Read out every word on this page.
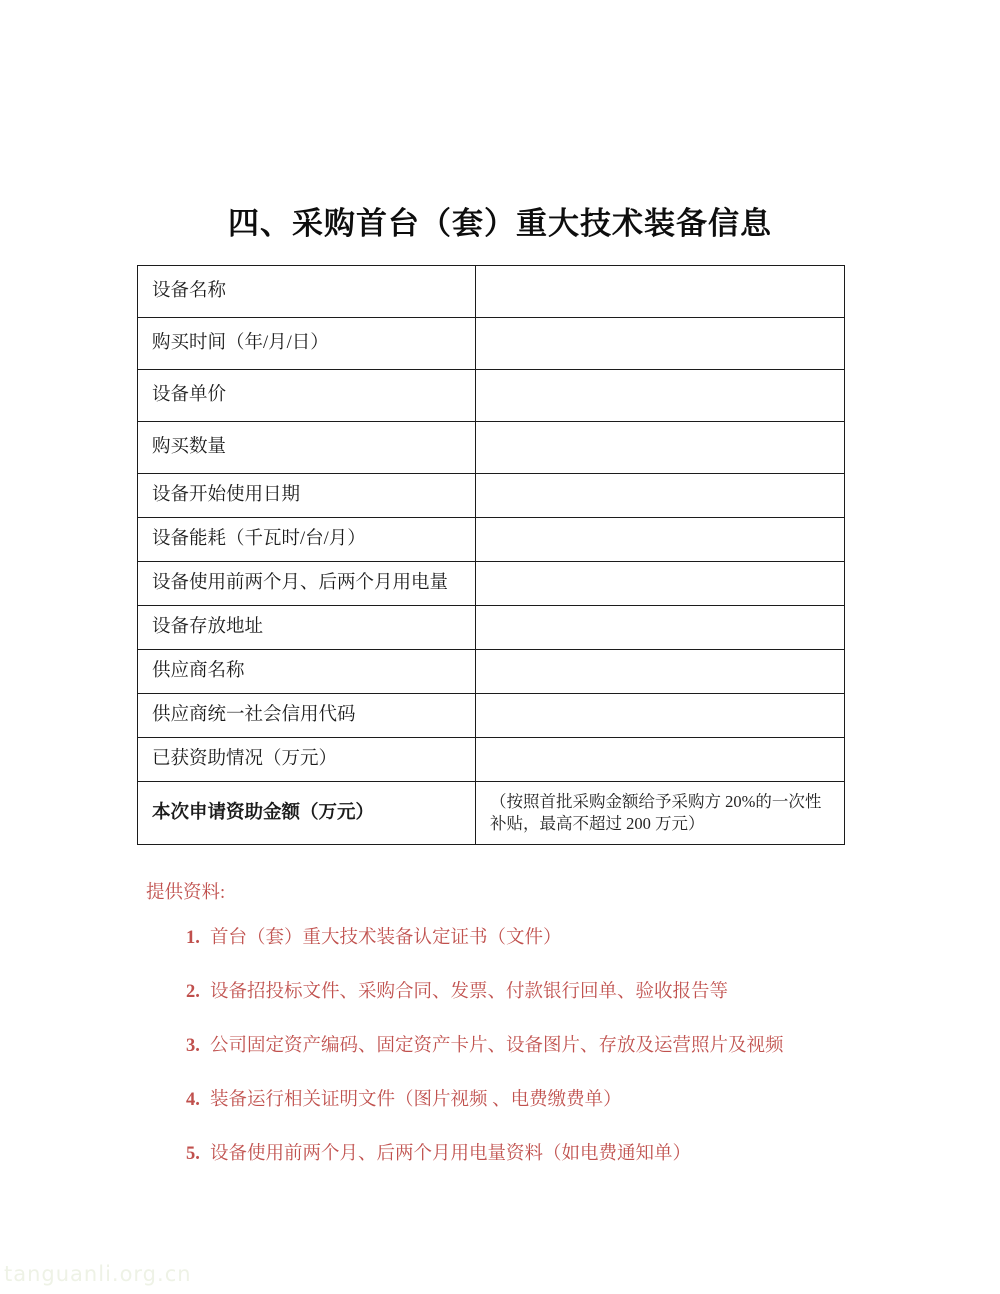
四、采购首台（套）重大技术装备信息
设备名称	
购买时间（年/月/日）	
设备单价	
购买数量	
设备开始使用日期	
设备能耗（千瓦时/台/月）	
设备使用前两个月、后两个月用电量	
设备存放地址	
供应商名称	
供应商统一社会信用代码	
已获资助情况（万元）	
本次申请资助金额（万元）	（按照首批采购金额给予采购方 20%的一次性补贴，最高不超过 200 万元）
提供资料:
1. 首台（套）重大技术装备认定证书（文件）
2. 设备招投标文件、采购合同、发票、付款银行回单、验收报告等
3. 公司固定资产编码、固定资产卡片、设备图片、存放及运营照片及视频
4. 装备运行相关证明文件（图片视频 、电费缴费单）
5. 设备使用前两个月、后两个月用电量资料（如电费通知单）
tanguanli.org.cn
